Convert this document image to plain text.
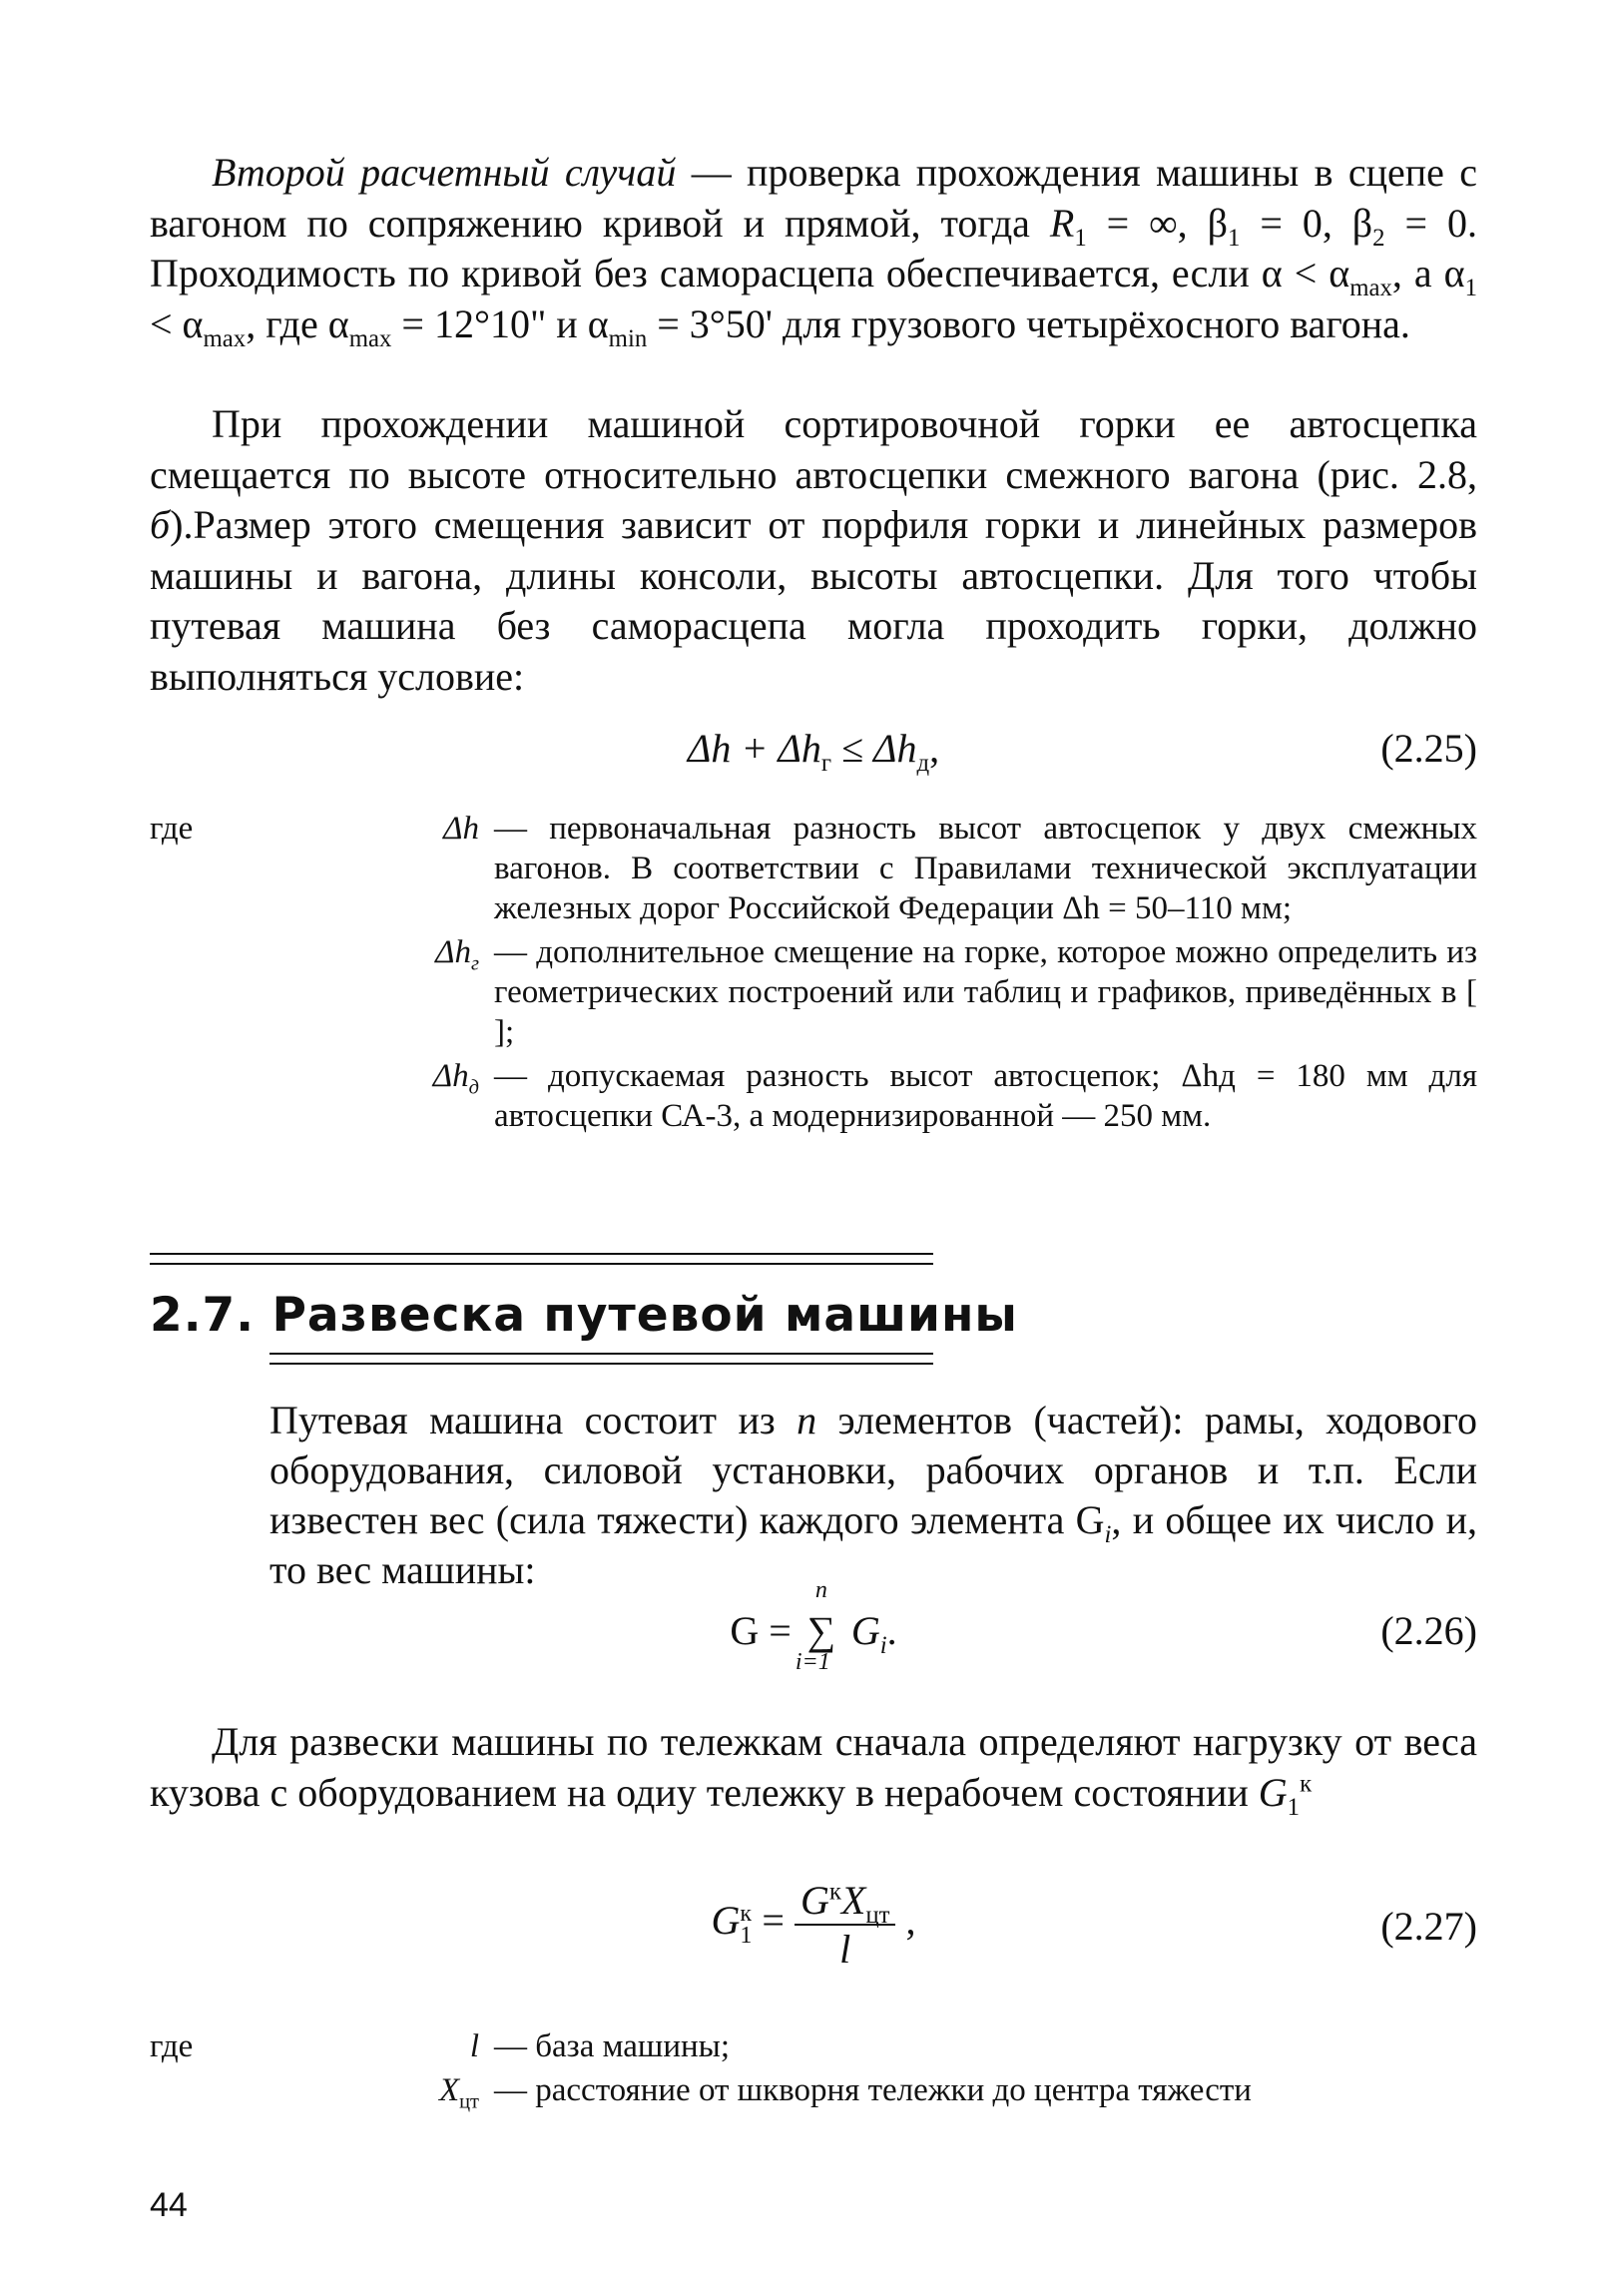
Второй расчетный случай — проверка прохождения машины в сцепе с вагоном по сопряжению кривой и прямой, тогда $R_1$ = ∞, $\beta_1 = 0$, $\beta_2 = 0$. Проходимость по кривой без саморасцепа обеспечивается, если $\alpha < \alpha_{max}$, а $\alpha_1 < \alpha_{max}$, где $\alpha_{max} = 12^\circ 10$" и $\alpha_{min} = 3^\circ 50'$ для грузового четырёхосного вагона.

При прохождении машиной сортировочной горки ее автосцепка смещается по высоте относительно автосцепки смежного вагона (рис. 2.8, б).Размер этого смещения зависит от порфиля горки и линейных размеров машины и вагона, длины консоли, высоты автосцепки. Для того чтобы путевая машина без саморасцепа могла проходить горки, должно выполняться условие:

$\Delta h + \Delta h_г \le \Delta h_д$,	(2.25)
где	Δh — первоначальная разность высот автосцепок у двух смежных вагонов. В соответствии с Правилами технической эксплуатации железных дорог Российской Федерации Δh = 50–110 мм;
$\Delta h_г$ — дополнительное смещение на горке, которое можно определить из геометрических построений или таблиц и графиков, приведённых в [ ];
$\Delta h_д$ — допускаемая разность высот автосцепок; Δhд = 180 мм для автосцепки СА-3, а модернизированной — 250 мм.
2.7. Развеска путевой машины

Путевая машина состоит из n элементов (частей): рамы, ходового оборудования, силовой установки, рабочих органов и т.п. Если известен вес (сила тяжести) каждого элемента $G_i$, и общее их число и, то вес машины:

G =
n
∑
i=1
$G_i$.	(2.26)

Для развески машины по тележкам сначала определяют нагрузку от веса кузова с оборудованием на одиу тележку в нерабочем состоянии $G_1^к$

G к
$1 = \frac{G^кX_{цт}}{l}$ ,	(2.27)
где	l — база машины;
$X_{цт}$ — расстояние от шкворня тележки до центра тяжести
44
